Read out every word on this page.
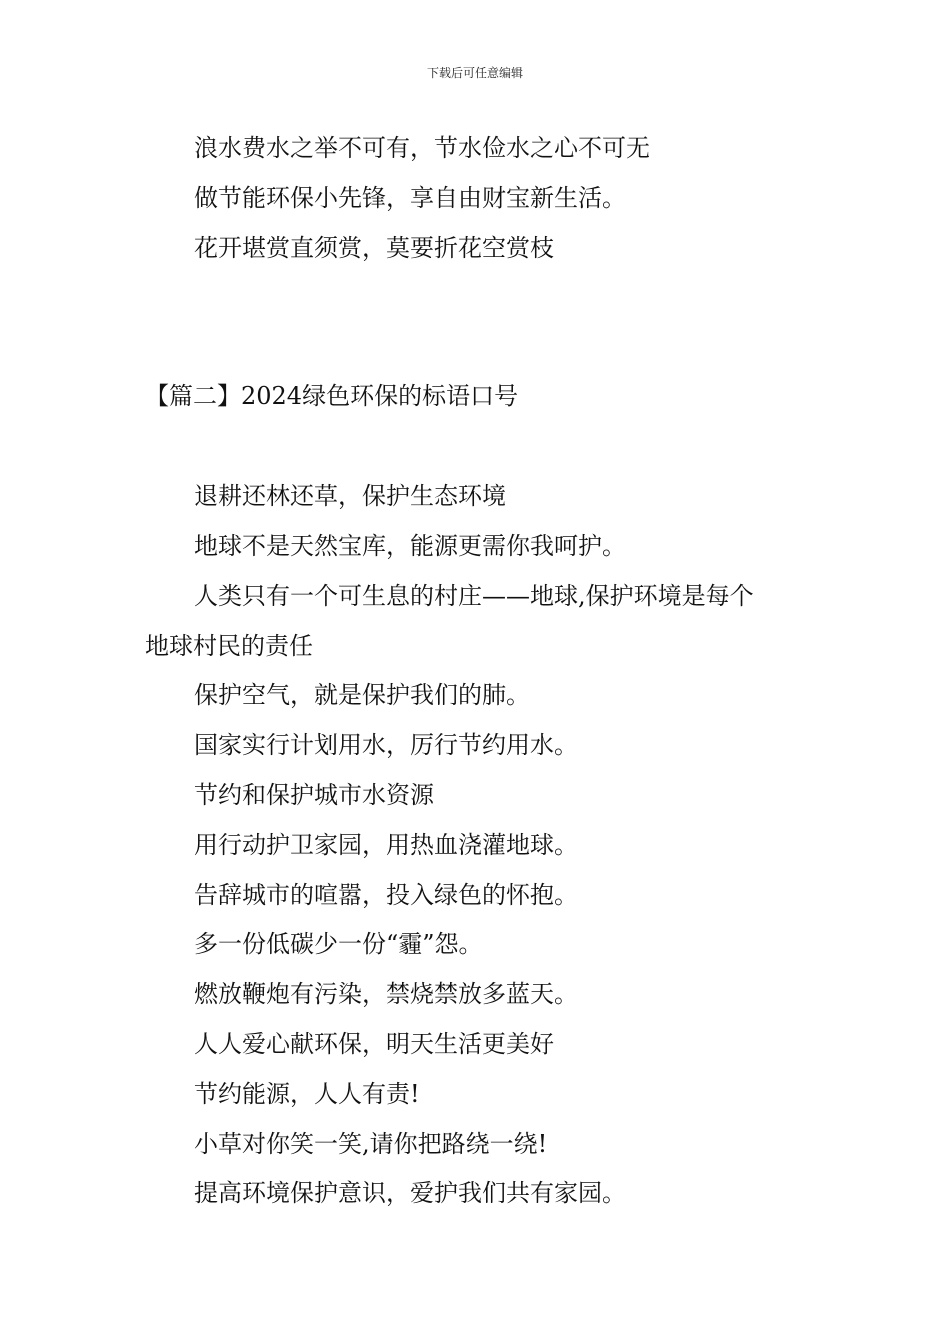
下载后可任意编辑
浪水费水之举不可有，节水俭水之心不可无
做节能环保小先锋，享自由财宝新生活。
花开堪赏直须赏，莫要折花空赏枝
【篇二】2024绿色环保的标语口号
退耕还林还草，保护生态环境
地球不是天然宝库，能源更需你我呵护。
人类只有一个可生息的村庄——地球,保护环境是每个
地球村民的责任
保护空气，就是保护我们的肺。
国家实行计划用水，厉行节约用水。
节约和保护城市水资源
用行动护卫家园，用热血浇灌地球。
告辞城市的喧嚣，投入绿色的怀抱。
多一份低碳少一份“霾”怨。
燃放鞭炮有污染，禁烧禁放多蓝天。
人人爱心献环保，明天生活更美好
节约能源，人人有责!
小草对你笑一笑,请你把路绕一绕!
提高环境保护意识，爱护我们共有家园。
